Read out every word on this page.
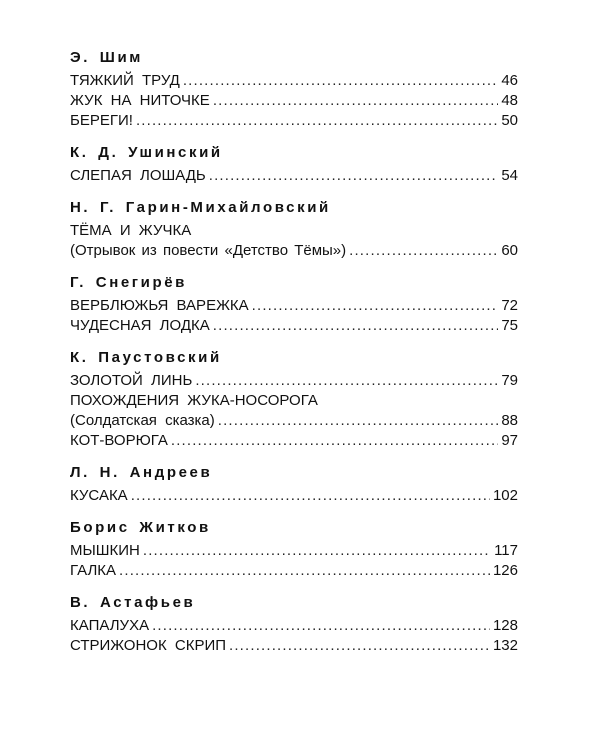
Э. Шим
ТЯЖКИЙ ТРУД . . .	46
ЖУК НА НИТОЧКЕ . . .	48
БЕРЕГИ! . . .	50
К. Д. Ушинский
СЛЕПАЯ ЛОШАДЬ . . .	54
Н. Г. Гарин-Михайловский
ТЁМА И ЖУЧКА
(Отрывок из повести «Детство Тёмы») . . .	60
Г. Снегирёв
ВЕРБЛЮЖЬЯ ВАРЕЖКА . . .	72
ЧУДЕСНАЯ ЛОДКА . . .	75
К. Паустовский
ЗОЛОТОЙ ЛИНЬ . . .	79
ПОХОЖДЕНИЯ ЖУКА-НОСОРОГА
(Солдатская сказка) . . .	88
КОТ-ВОРЮГА . . .	97
Л. Н. Андреев
КУСАКА . . .	102
Борис Житков
МЫШКИН . . .	117
ГАЛКА . . .	126
В. Астафьев
КАПАЛУХА . . .	128
СТРИЖОНОК СКРИП . . .	132
